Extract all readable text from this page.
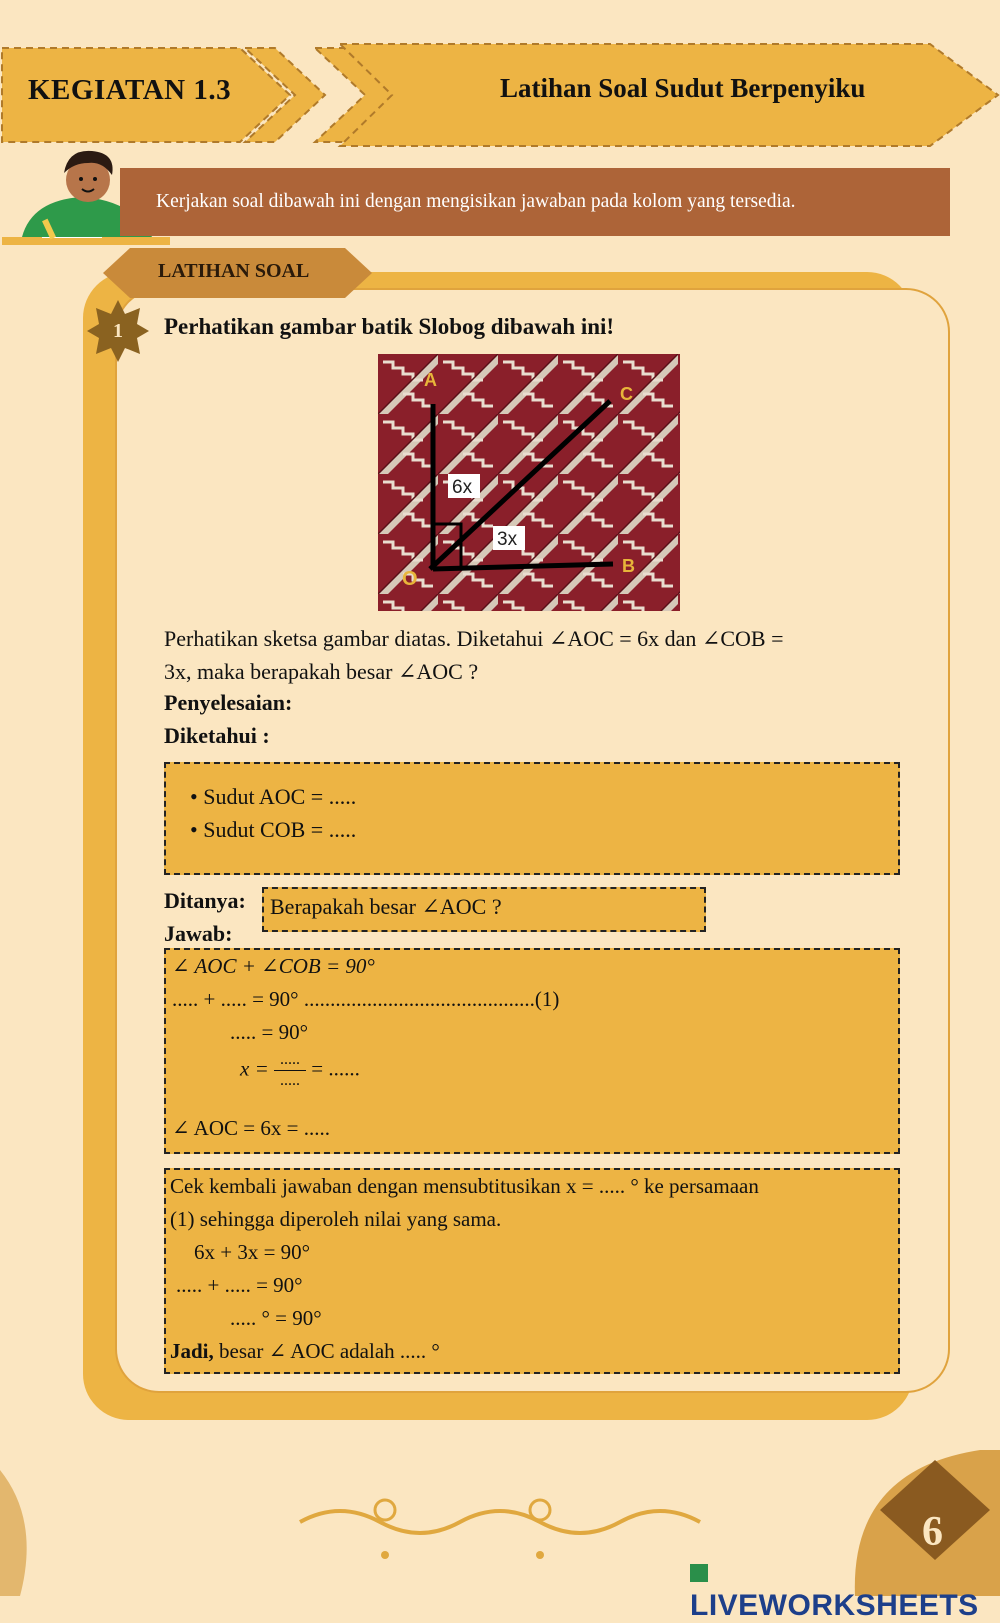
KEGIATAN 1.3	Latihan Soal Sudut Berpenyiku
Kerjakan soal dibawah ini dengan mengisikan jawaban pada kolom yang tersedia.
LATIHAN SOAL
1	Perhatikan gambar batik Slobog dibawah ini!
A
C
O
B
6x
3x
Perhatikan sketsa gambar diatas. Diketahui ∠AOC = 6x dan ∠COB =
3x, maka berapakah besar ∠AOC ?
Penyelesaian:
Diketahui :
• Sudut AOC = .....
• Sudut COB = .....
Ditanya:	Berapakah besar ∠AOC ?
Jawab:
∠ AOC + ∠COB = 90°
..... + ..... = 90° ............................................(1)
..... = 90°
$x = \frac{.....}{.....}$ = ......
∠ AOC = 6x = .....
Cek kembali jawaban dengan mensubtitusikan x = ..... ° ke persamaan
(1) sehingga diperoleh nilai yang sama.
6x + 3x = 90°
..... + ..... = 90°
..... ° = 90°
Jadi, besar ∠ AOC adalah ..... °
6
LIVEWORKSHEETS
